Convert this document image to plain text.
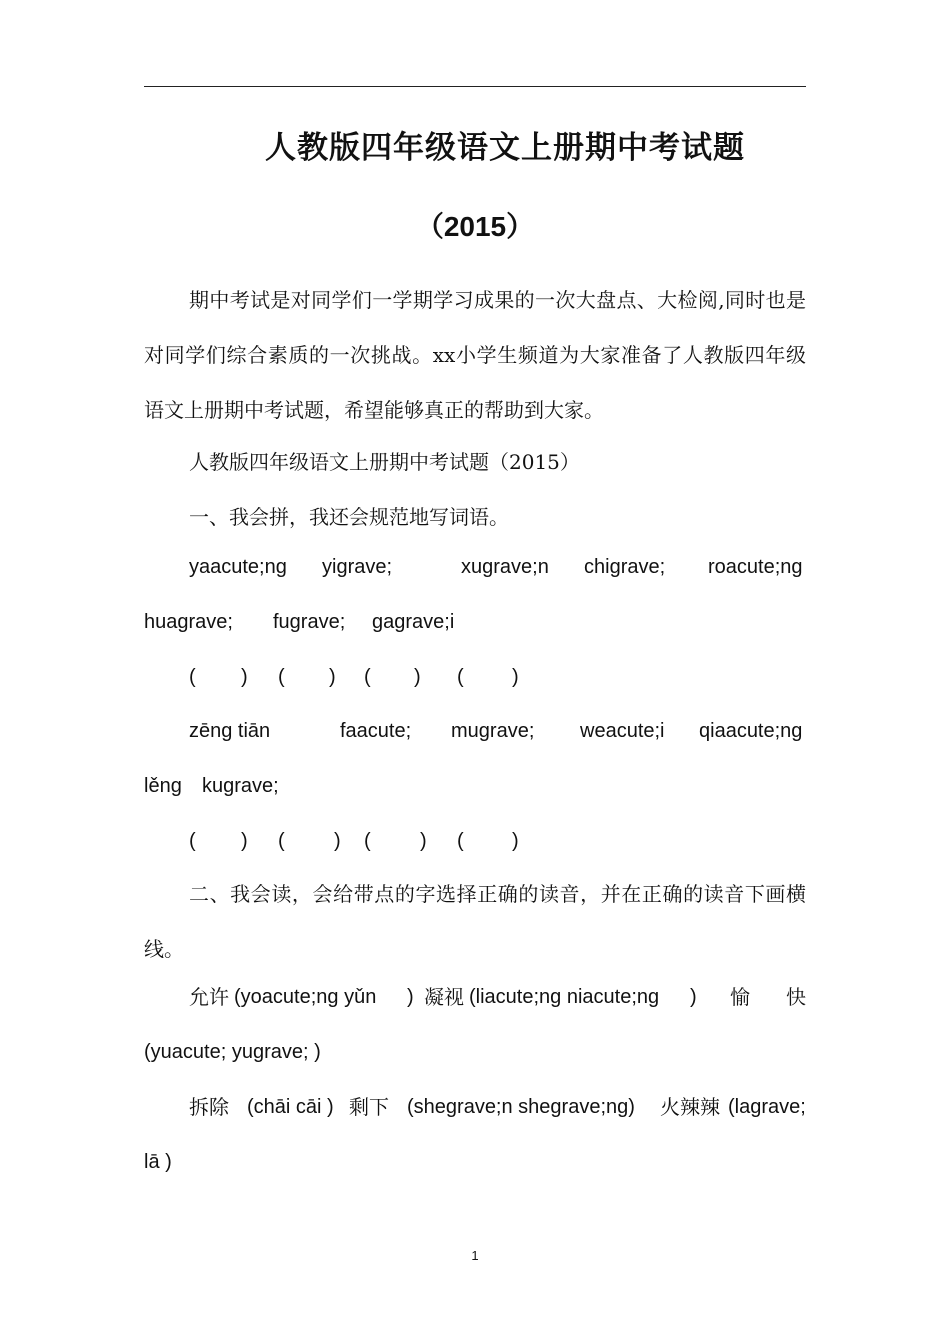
人教版四年级语文上册期中考试题
（2015）

期中考试是对同学们一学期学习成果的一次大盘点、大检阅,同时也是对同学们综合素质的一次挑战。xx小学生频道为大家准备了人教版四年级语文上册期中考试题，希望能够真正的帮助到大家。

人教版四年级语文上册期中考试题（2015）
一、我会拼，我还会规范地写词语。
yaacute;ng yigrave;	xugrave;n chigrave; roacute;ng
huagrave; fugrave; gagrave;i
( ) ( ) ( ) ( )
zēng tiān	faacute; mugrave; weacute;i qiaacute;ng
lěng kugrave;
( ) ( ) ( ) ( )

二、我会读，会给带点的字选择正确的读音，并在正确的读音下画横线。

允许 (yoacute;ng yǔn ) 凝视 (liacute;ng niacute;ng ) 愉 快
(yuacute; yugrave; )
拆除 (chāi cāi ) 剩下 (shegrave;n shegrave;ng) 火辣辣 (lagrave;
lā )
1
